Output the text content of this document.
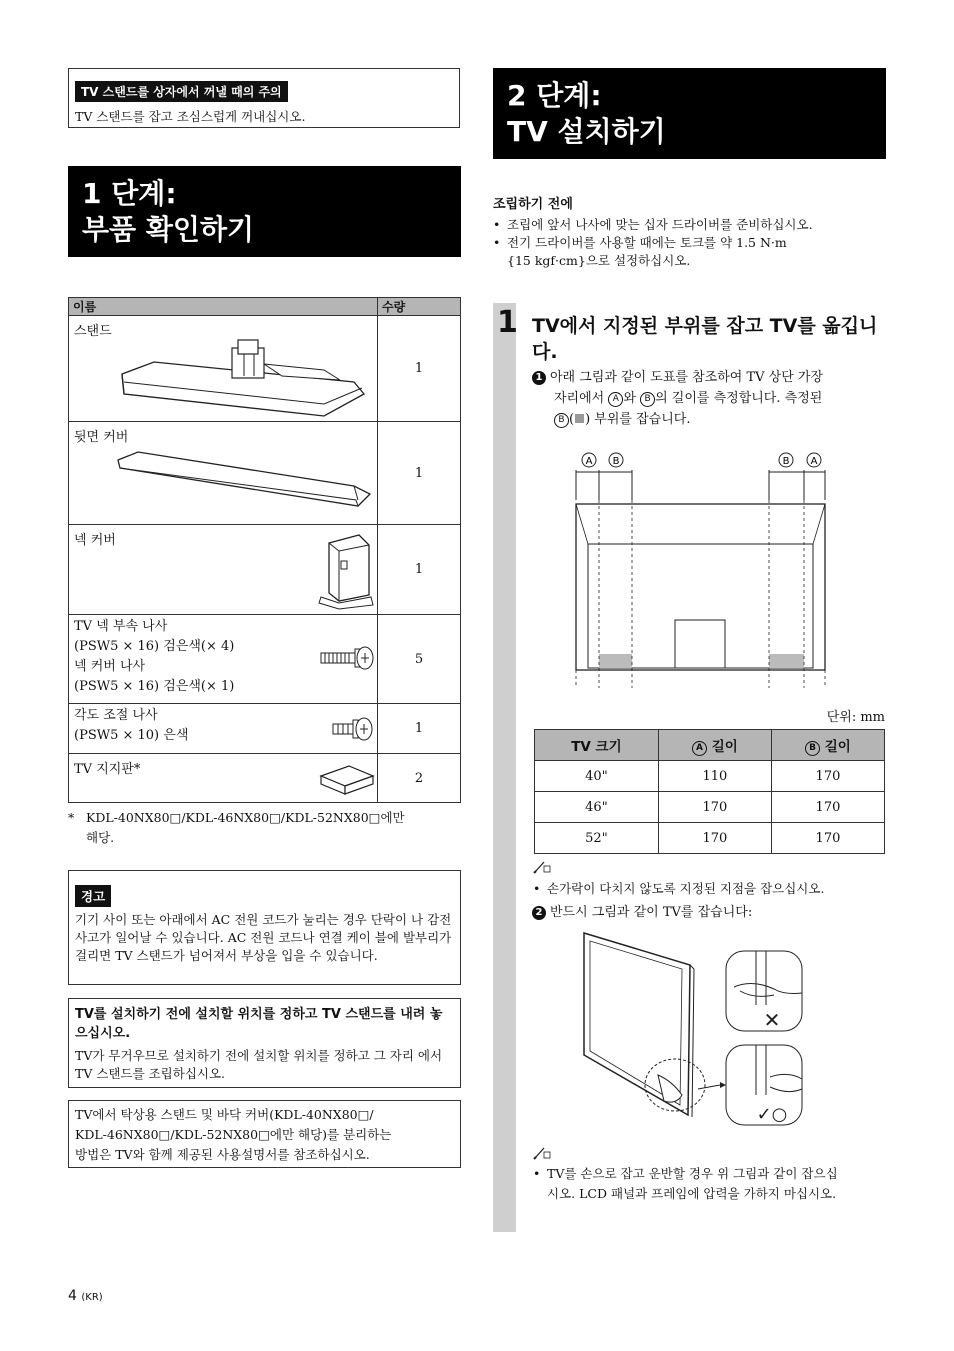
TV 스탠드를 상자에서 꺼낼 때의 주의
TV 스탠드를 잡고 조심스럽게 꺼내십시오.
1 단계:
부품 확인하기
이름	수량
스탠드	1
뒷면 커버	1
넥 커버	1

TV 넥 부속 나사
(PSW5 × 16) 검은색(× 4)
넥 커버 나사
(PSW5 × 16) 검은색(× 1)	5

각도 조절 나사
(PSW5 × 10) 은색	1
TV 지지판*	2
* KDL-40NX80□/KDL-46NX80□/KDL-52NX80□에만
해당.
경고
기기 사이 또는 아래에서 AC 전원 코드가 눌리는 경우 단락이 나 감전 사고가 일어날 수 있습니다. AC 전원 코드나 연결 케이 블에 발부리가 걸리면 TV 스탠드가 넘어져서 부상을 입을 수 있습니다.
TV를 설치하기 전에 설치할 위치를 정하고 TV 스탠드를 내려 놓으십시오.
TV가 무거우므로 설치하기 전에 설치할 위치를 정하고 그 자리 에서 TV 스탠드를 조립하십시오.
TV에서 탁상용 스탠드 및 바닥 커버(KDL-40NX80□/
KDL-46NX80□/KDL-52NX80□에만 해당)를 분리하는
방법은 TV와 함께 제공된 사용설명서를 참조하십시오.
4 (KR)
2 단계:
TV 설치하기
조립하기 전에
• 조립에 앞서 나사에 맞는 십자 드라이버를 준비하십시오.
• 전기 드라이버를 사용할 때에는 토크를 약 1.5 N·m
{15 kgf·cm}으로 설정하십시오.
1 TV에서 지정된 부위를 잡고 TV를 옮깁니다.
1 아래 그림과 같이 도표를 참조하여 TV 상단 가장
자리에서 A 와 B 의 길이를 측정합니다. 측정된
B ( ) 부위를 잡습니다.
A B	B A
단위: mm
TV 크기	A 길이	B 길이
40"	110	170
46"	170	170
52"	170	170
• 손가락이 다치지 않도록 지정된 지점을 잡으십시오.
2 반드시 그림과 같이 TV를 잡습니다:
✕
✓○
• TV를 손으로 잡고 운반할 경우 위 그림과 같이 잡으십
시오. LCD 패널과 프레임에 압력을 가하지 마십시오.
